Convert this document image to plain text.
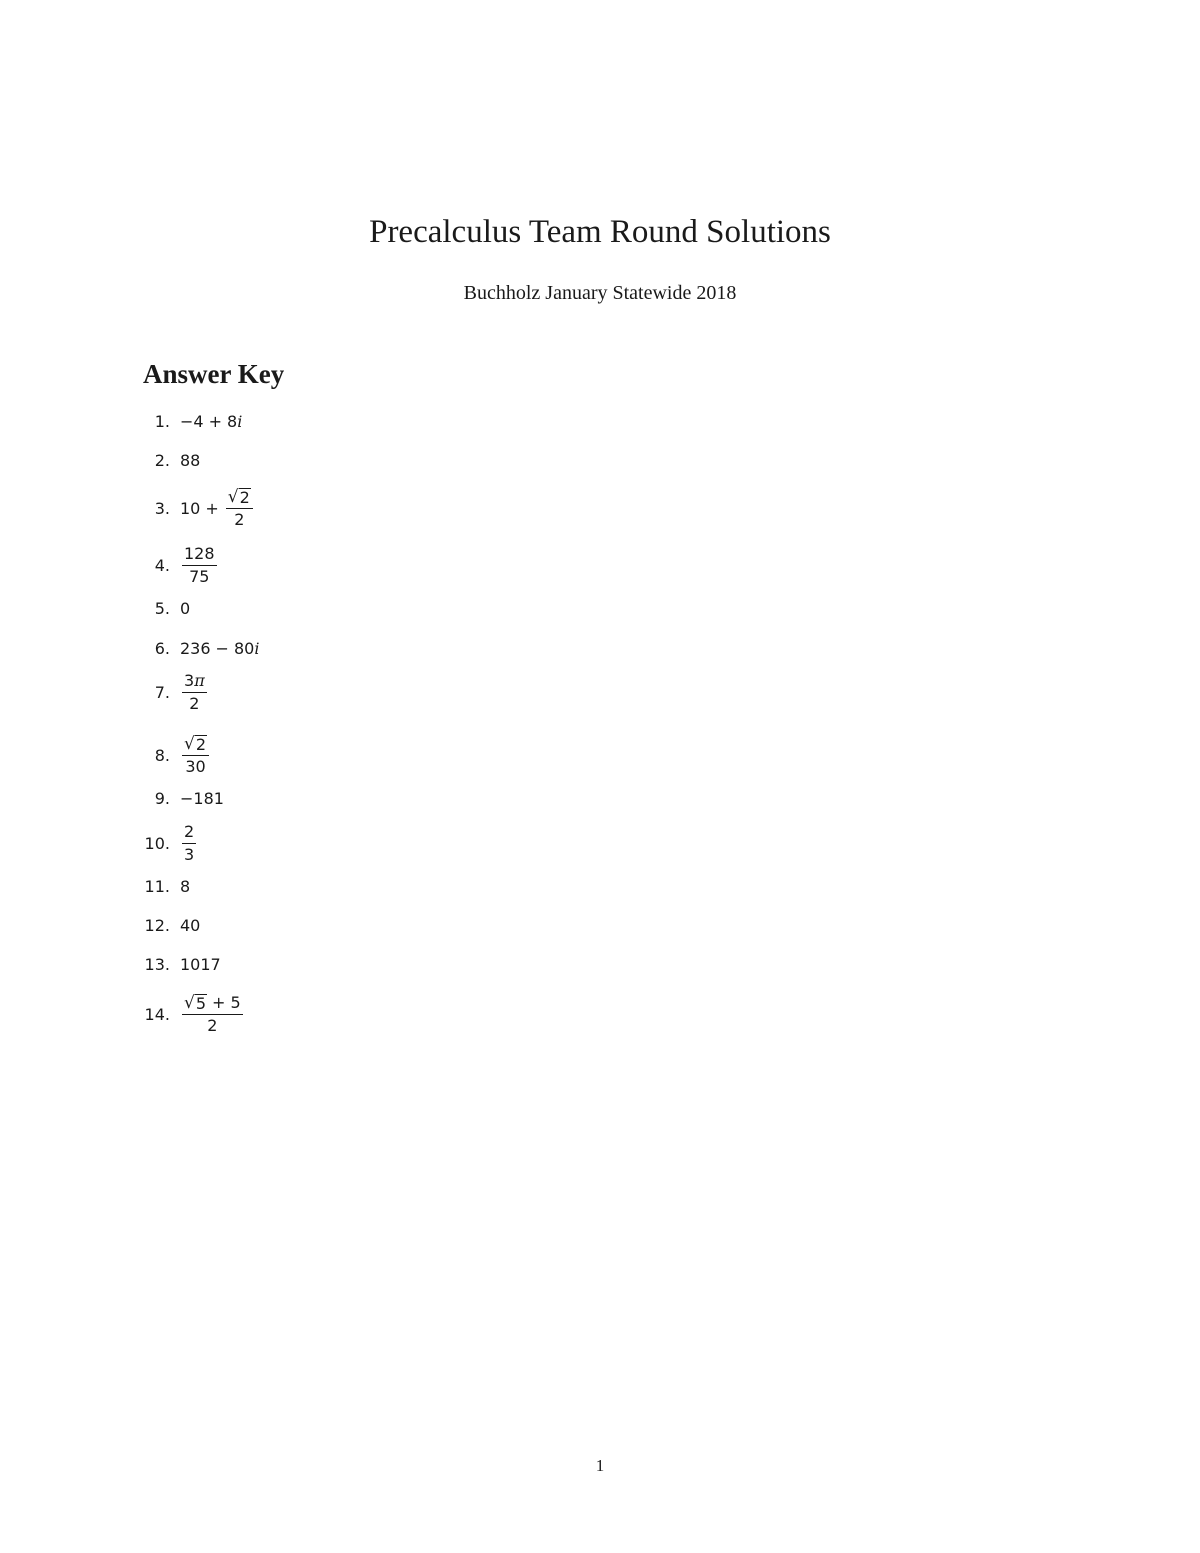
Precalculus Team Round Solutions
Buchholz January Statewide 2018
Answer Key
1. −4 + 8 i
2. 88
3. $10 + \frac{√ 2}{2}$
4. $\frac{128}{75}$
5. 0
6. 236 − 80 i
7. $\frac{3\pi}{2}$
8. $\frac{√ 2}{30}$
9. −181
10. $\frac{2}{3}$
11. 8
12. 40
13. 1017
14. $\frac{√ 5 + 5}{2}$
1
